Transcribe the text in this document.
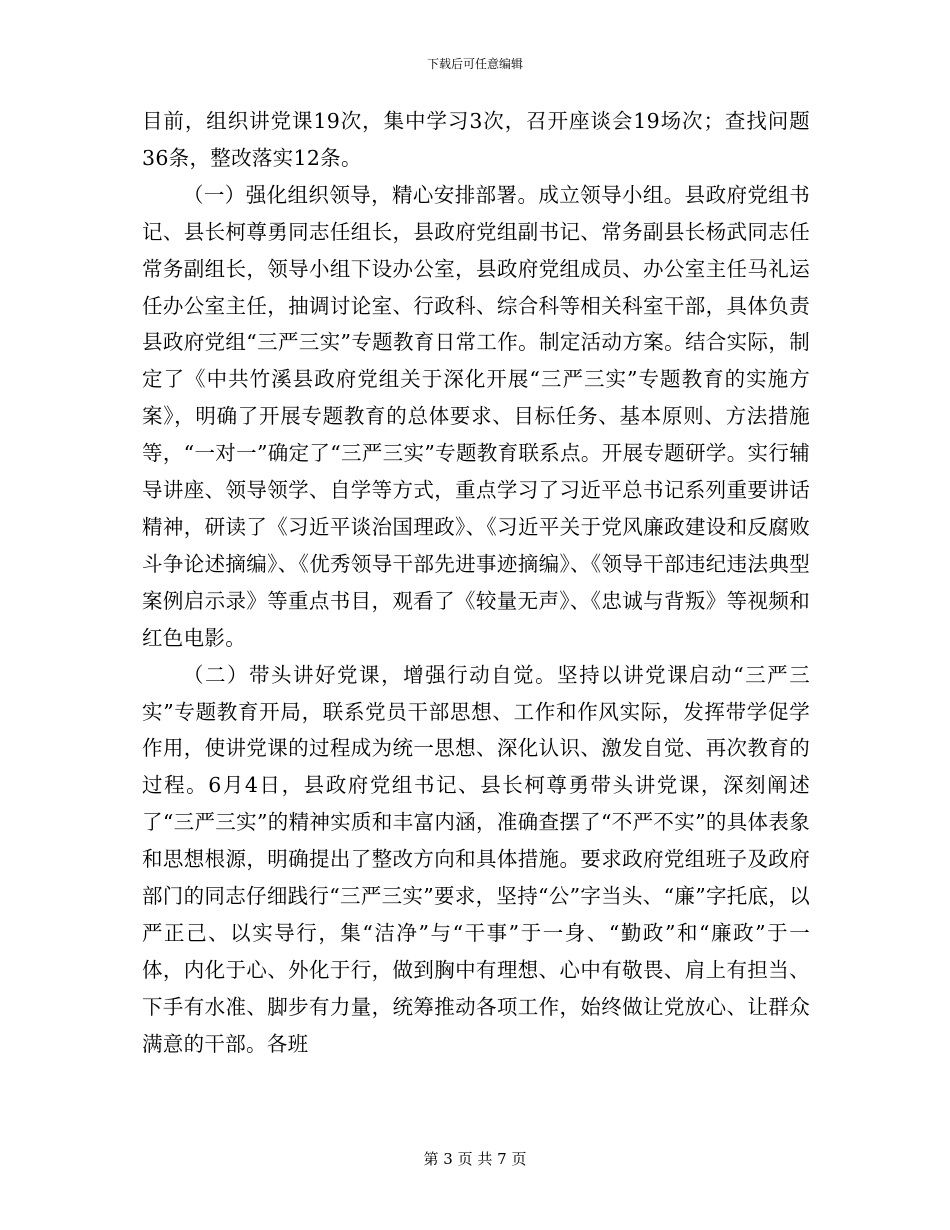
下载后可任意编辑

目前，组织讲党课19次，集中学习3次，召开座谈会19场次；查找问题36条，整改落实12条。

（一）强化组织领导，精心安排部署。成立领导小组。县政府党组书记、县长柯尊勇同志任组长，县政府党组副书记、常务副县长杨武同志任常务副组长，领导小组下设办公室，县政府党组成员、办公室主任马礼运任办公室主任，抽调讨论室、行政科、综合科等相关科室干部，具体负责县政府党组“三严三实”专题教育日常工作。制定活动方案。结合实际，制定了《中共竹溪县政府党组关于深化开展“三严三实”专题教育的实施方案》，明确了开展专题教育的总体要求、目标任务、基本原则、方法措施等，“一对一”确定了“三严三实”专题教育联系点。开展专题研学。实行辅导讲座、领导领学、自学等方式，重点学习了习近平总书记系列重要讲话精神，研读了《习近平谈治国理政》、《习近平关于党风廉政建设和反腐败斗争论述摘编》、《优秀领导干部先进事迹摘编》、《领导干部违纪违法典型案例启示录》等重点书目，观看了《较量无声》、《忠诚与背叛》等视频和红色电影。

（二）带头讲好党课，增强行动自觉。坚持以讲党课启动“三严三实”专题教育开局，联系党员干部思想、工作和作风实际，发挥带学促学作用，使讲党课的过程成为统一思想、深化认识、激发自觉、再次教育的过程。6月4日，县政府党组书记、县长柯尊勇带头讲党课，深刻阐述了“三严三实”的精神实质和丰富内涵，准确查摆了“不严不实”的具体表象和思想根源，明确提出了整改方向和具体措施。要求政府党组班子及政府部门的同志仔细践行“三严三实”要求，坚持“公”字当头、“廉”字托底，以严正己、以实导行，集“洁净”与“干事”于一身、“勤政”和“廉政”于一体，内化于心、外化于行，做到胸中有理想、心中有敬畏、肩上有担当、下手有水准、脚步有力量，统筹推动各项工作，始终做让党放心、让群众满意的干部。各班

第 3 页 共 7 页
